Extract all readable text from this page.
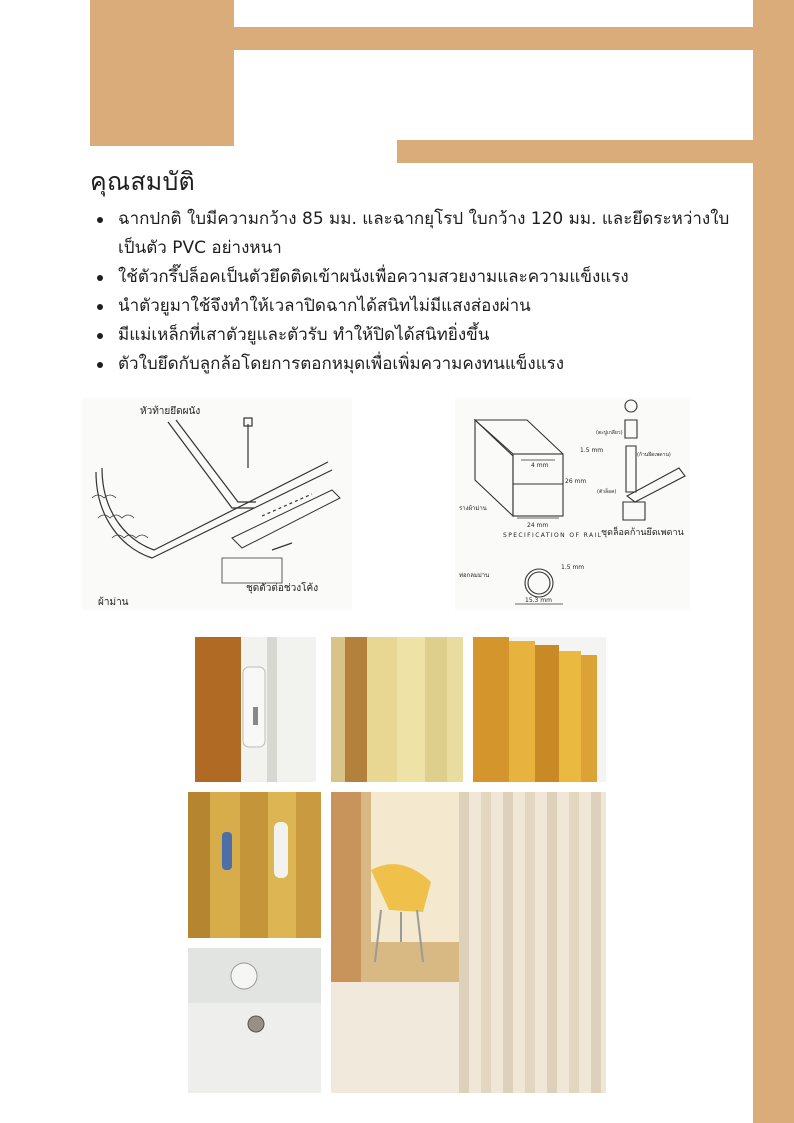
คุณสมบัติ
ฉากปกติ ใบมีความกว้าง 85 มม. และฉากยุโรป ใบกว้าง 120 มม. และยึดระหว่างใบเป็นตัว PVC อย่างหนา
ใช้ตัวกรึ๊ปล็อคเป็นตัวยึดติดเข้าผนังเพื่อความสวยงามและความแข็งแรง
นำตัวยูมาใช้จึงทำให้เวลาปิดฉากได้สนิทไม่มีแสงส่องผ่าน
มีแม่เหล็กที่เสาตัวยูและตัวรับ ทำให้ปิดได้สนิทยิ่งขึ้น
ตัวใบยึดกับลูกล้อโดยการตอกหมุดเพื่อเพิ่มความคงทนแข็งแรง
หัวท้ายยึดผนัง
ชุดตัวต่อช่วงโค้ง
ผ้าม่าน
1.5 mm
4 mm
26 mm
24 mm
SPECIFICATION OF RAIL
รางผ้าม่าน
ชุดล็อคก้านยึดเพดาน
ท่อกลมม่าน
15.3 mm
1.5 mm
(ตะปูเกลียว)
(ตัวล็อค)
(ก้านยึดเพดาน)
